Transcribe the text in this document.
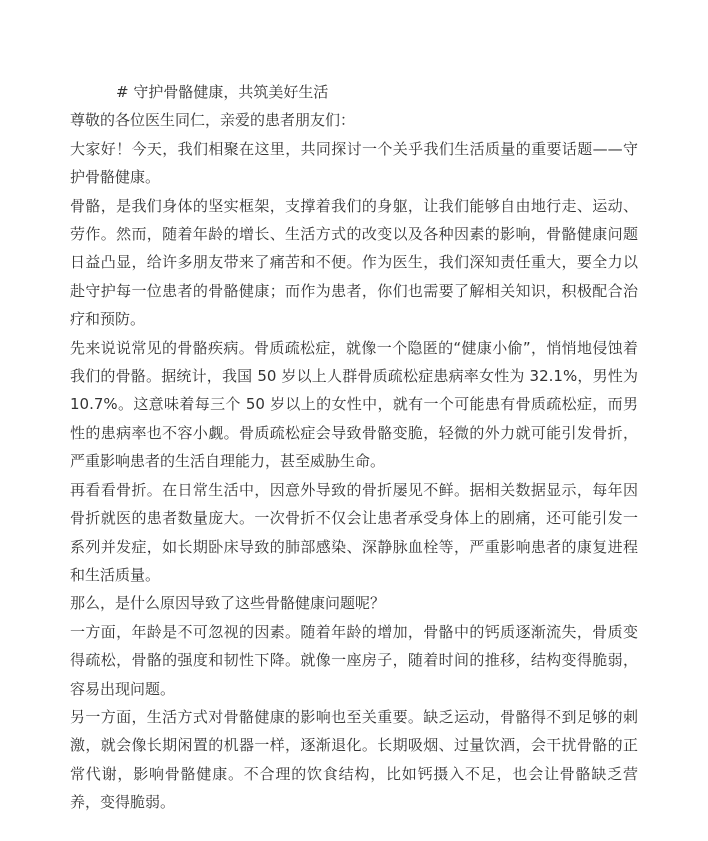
# 守护骨骼健康，共筑美好生活

尊敬的各位医生同仁，亲爱的患者朋友们：

大家好！今天，我们相聚在这里，共同探讨一个关乎我们生活质量的重要话题——守护骨骼健康。

骨骼，是我们身体的坚实框架，支撑着我们的身躯，让我们能够自由地行走、运动、劳作。然而，随着年龄的增长、生活方式的改变以及各种因素的影响，骨骼健康问题日益凸显，给许多朋友带来了痛苦和不便。作为医生，我们深知责任重大，要全力以赴守护每一位患者的骨骼健康；而作为患者，你们也需要了解相关知识，积极配合治疗和预防。

先来说说常见的骨骼疾病。骨质疏松症，就像一个隐匿的“健康小偷”，悄悄地侵蚀着我们的骨骼。据统计，我国 50 岁以上人群骨质疏松症患病率女性为 32.1%，男性为 10.7%。这意味着每三个 50 岁以上的女性中，就有一个可能患有骨质疏松症，而男性的患病率也不容小觑。骨质疏松症会导致骨骼变脆，轻微的外力就可能引发骨折，严重影响患者的生活自理能力，甚至威胁生命。

再看看骨折。在日常生活中，因意外导致的骨折屡见不鲜。据相关数据显示，每年因骨折就医的患者数量庞大。一次骨折不仅会让患者承受身体上的剧痛，还可能引发一系列并发症，如长期卧床导致的肺部感染、深静脉血栓等，严重影响患者的康复进程和生活质量。

那么，是什么原因导致了这些骨骼健康问题呢？

一方面，年龄是不可忽视的因素。随着年龄的增加，骨骼中的钙质逐渐流失，骨质变得疏松，骨骼的强度和韧性下降。就像一座房子，随着时间的推移，结构变得脆弱，容易出现问题。

另一方面，生活方式对骨骼健康的影响也至关重要。缺乏运动，骨骼得不到足够的刺激，就会像长期闲置的机器一样，逐渐退化。长期吸烟、过量饮酒，会干扰骨骼的正常代谢，影响骨骼健康。不合理的饮食结构，比如钙摄入不足，也会让骨骼缺乏营养，变得脆弱。
